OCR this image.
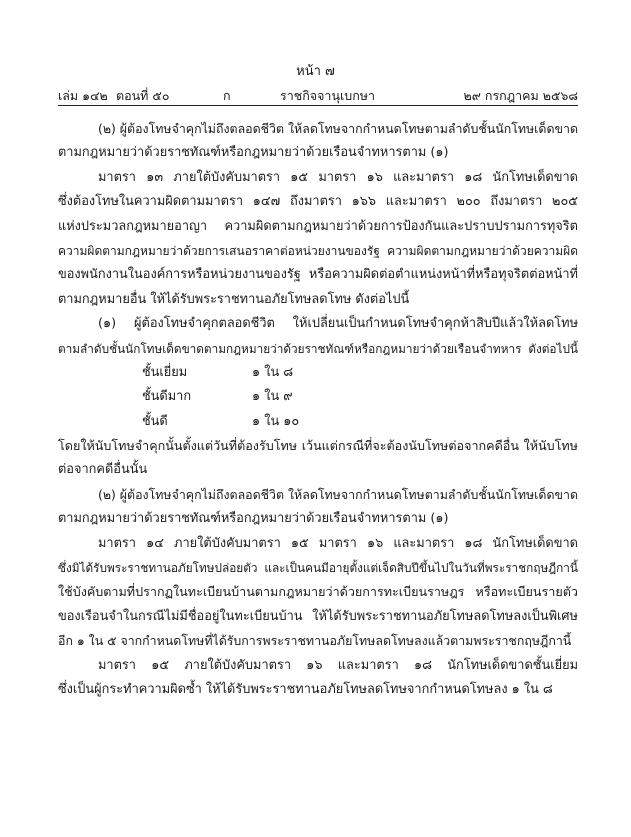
หน้า ๗
เล่ม ๑๔๒ ตอนที่ ๕๐	ก	ราชกิจจานุเบกษา	๒๙ กรกฎาคม ๒๕๖๘
(๒) ผู้ต้องโทษจำคุกไม่ถึงตลอดชีวิต ให้ลดโทษจากกำหนดโทษตามลำดับชั้นนักโทษเด็ดขาด
ตามกฎหมายว่าด้วยราชทัณฑ์หรือกฎหมายว่าด้วยเรือนจำทหารตาม (๑)
มาตรา ๑๓ ภายใต้บังคับมาตรา ๑๕ มาตรา ๑๖ และมาตรา ๑๘ นักโทษเด็ดขาด
ซึ่งต้องโทษในความผิดตามมาตรา ๑๔๗ ถึงมาตรา ๑๖๖ และมาตรา ๒๐๐ ถึงมาตรา ๒๐๕
แห่งประมวลกฎหมายอาญา ความผิดตามกฎหมายว่าด้วยการป้องกันและปราบปรามการทุจริต
ความผิดตามกฎหมายว่าด้วยการเสนอราคาต่อหน่วยงานของรัฐ ความผิดตามกฎหมายว่าด้วยความผิด
ของพนักงานในองค์การหรือหน่วยงานของรัฐ หรือความผิดต่อตำแหน่งหน้าที่หรือทุจริตต่อหน้าที่
ตามกฎหมายอื่น ให้ได้รับพระราชทานอภัยโทษลดโทษ ดังต่อไปนี้
(๑) ผู้ต้องโทษจำคุกตลอดชีวิต ให้เปลี่ยนเป็นกำหนดโทษจำคุกห้าสิบปีแล้วให้ลดโทษ
ตามลำดับชั้นนักโทษเด็ดขาดตามกฎหมายว่าด้วยราชทัณฑ์หรือกฎหมายว่าด้วยเรือนจำทหาร ดังต่อไปนี้
ชั้นเยี่ยม	๑ ใน ๘
ชั้นดีมาก	๑ ใน ๙
ชั้นดี	๑ ใน ๑๐
โดยให้นับโทษจำคุกนั้นตั้งแต่วันที่ต้องรับโทษ เว้นแต่กรณีที่จะต้องนับโทษต่อจากคดีอื่น ให้นับโทษ
ต่อจากคดีอื่นนั้น
(๒) ผู้ต้องโทษจำคุกไม่ถึงตลอดชีวิต ให้ลดโทษจากกำหนดโทษตามลำดับชั้นนักโทษเด็ดขาด
ตามกฎหมายว่าด้วยราชทัณฑ์หรือกฎหมายว่าด้วยเรือนจำทหารตาม (๑)
มาตรา ๑๔ ภายใต้บังคับมาตรา ๑๕ มาตรา ๑๖ และมาตรา ๑๘ นักโทษเด็ดขาด
ซึ่งมิได้รับพระราชทานอภัยโทษปล่อยตัว และเป็นคนมีอายุตั้งแต่เจ็ดสิบปีขึ้นไปในวันที่พระราชกฤษฎีกานี้
ใช้บังคับตามที่ปรากฏในทะเบียนบ้านตามกฎหมายว่าด้วยการทะเบียนราษฎร หรือทะเบียนรายตัว
ของเรือนจำในกรณีไม่มีชื่ออยู่ในทะเบียนบ้าน ให้ได้รับพระราชทานอภัยโทษลดโทษลงเป็นพิเศษ
อีก ๑ ใน ๕ จากกำหนดโทษที่ได้รับการพระราชทานอภัยโทษลดโทษลงแล้วตามพระราชกฤษฎีกานี้
มาตรา ๑๕ ภายใต้บังคับมาตรา ๑๖ และมาตรา ๑๘ นักโทษเด็ดขาดชั้นเยี่ยม
ซึ่งเป็นผู้กระทำความผิดซ้ำ ให้ได้รับพระราชทานอภัยโทษลดโทษจากกำหนดโทษลง ๑ ใน ๘
